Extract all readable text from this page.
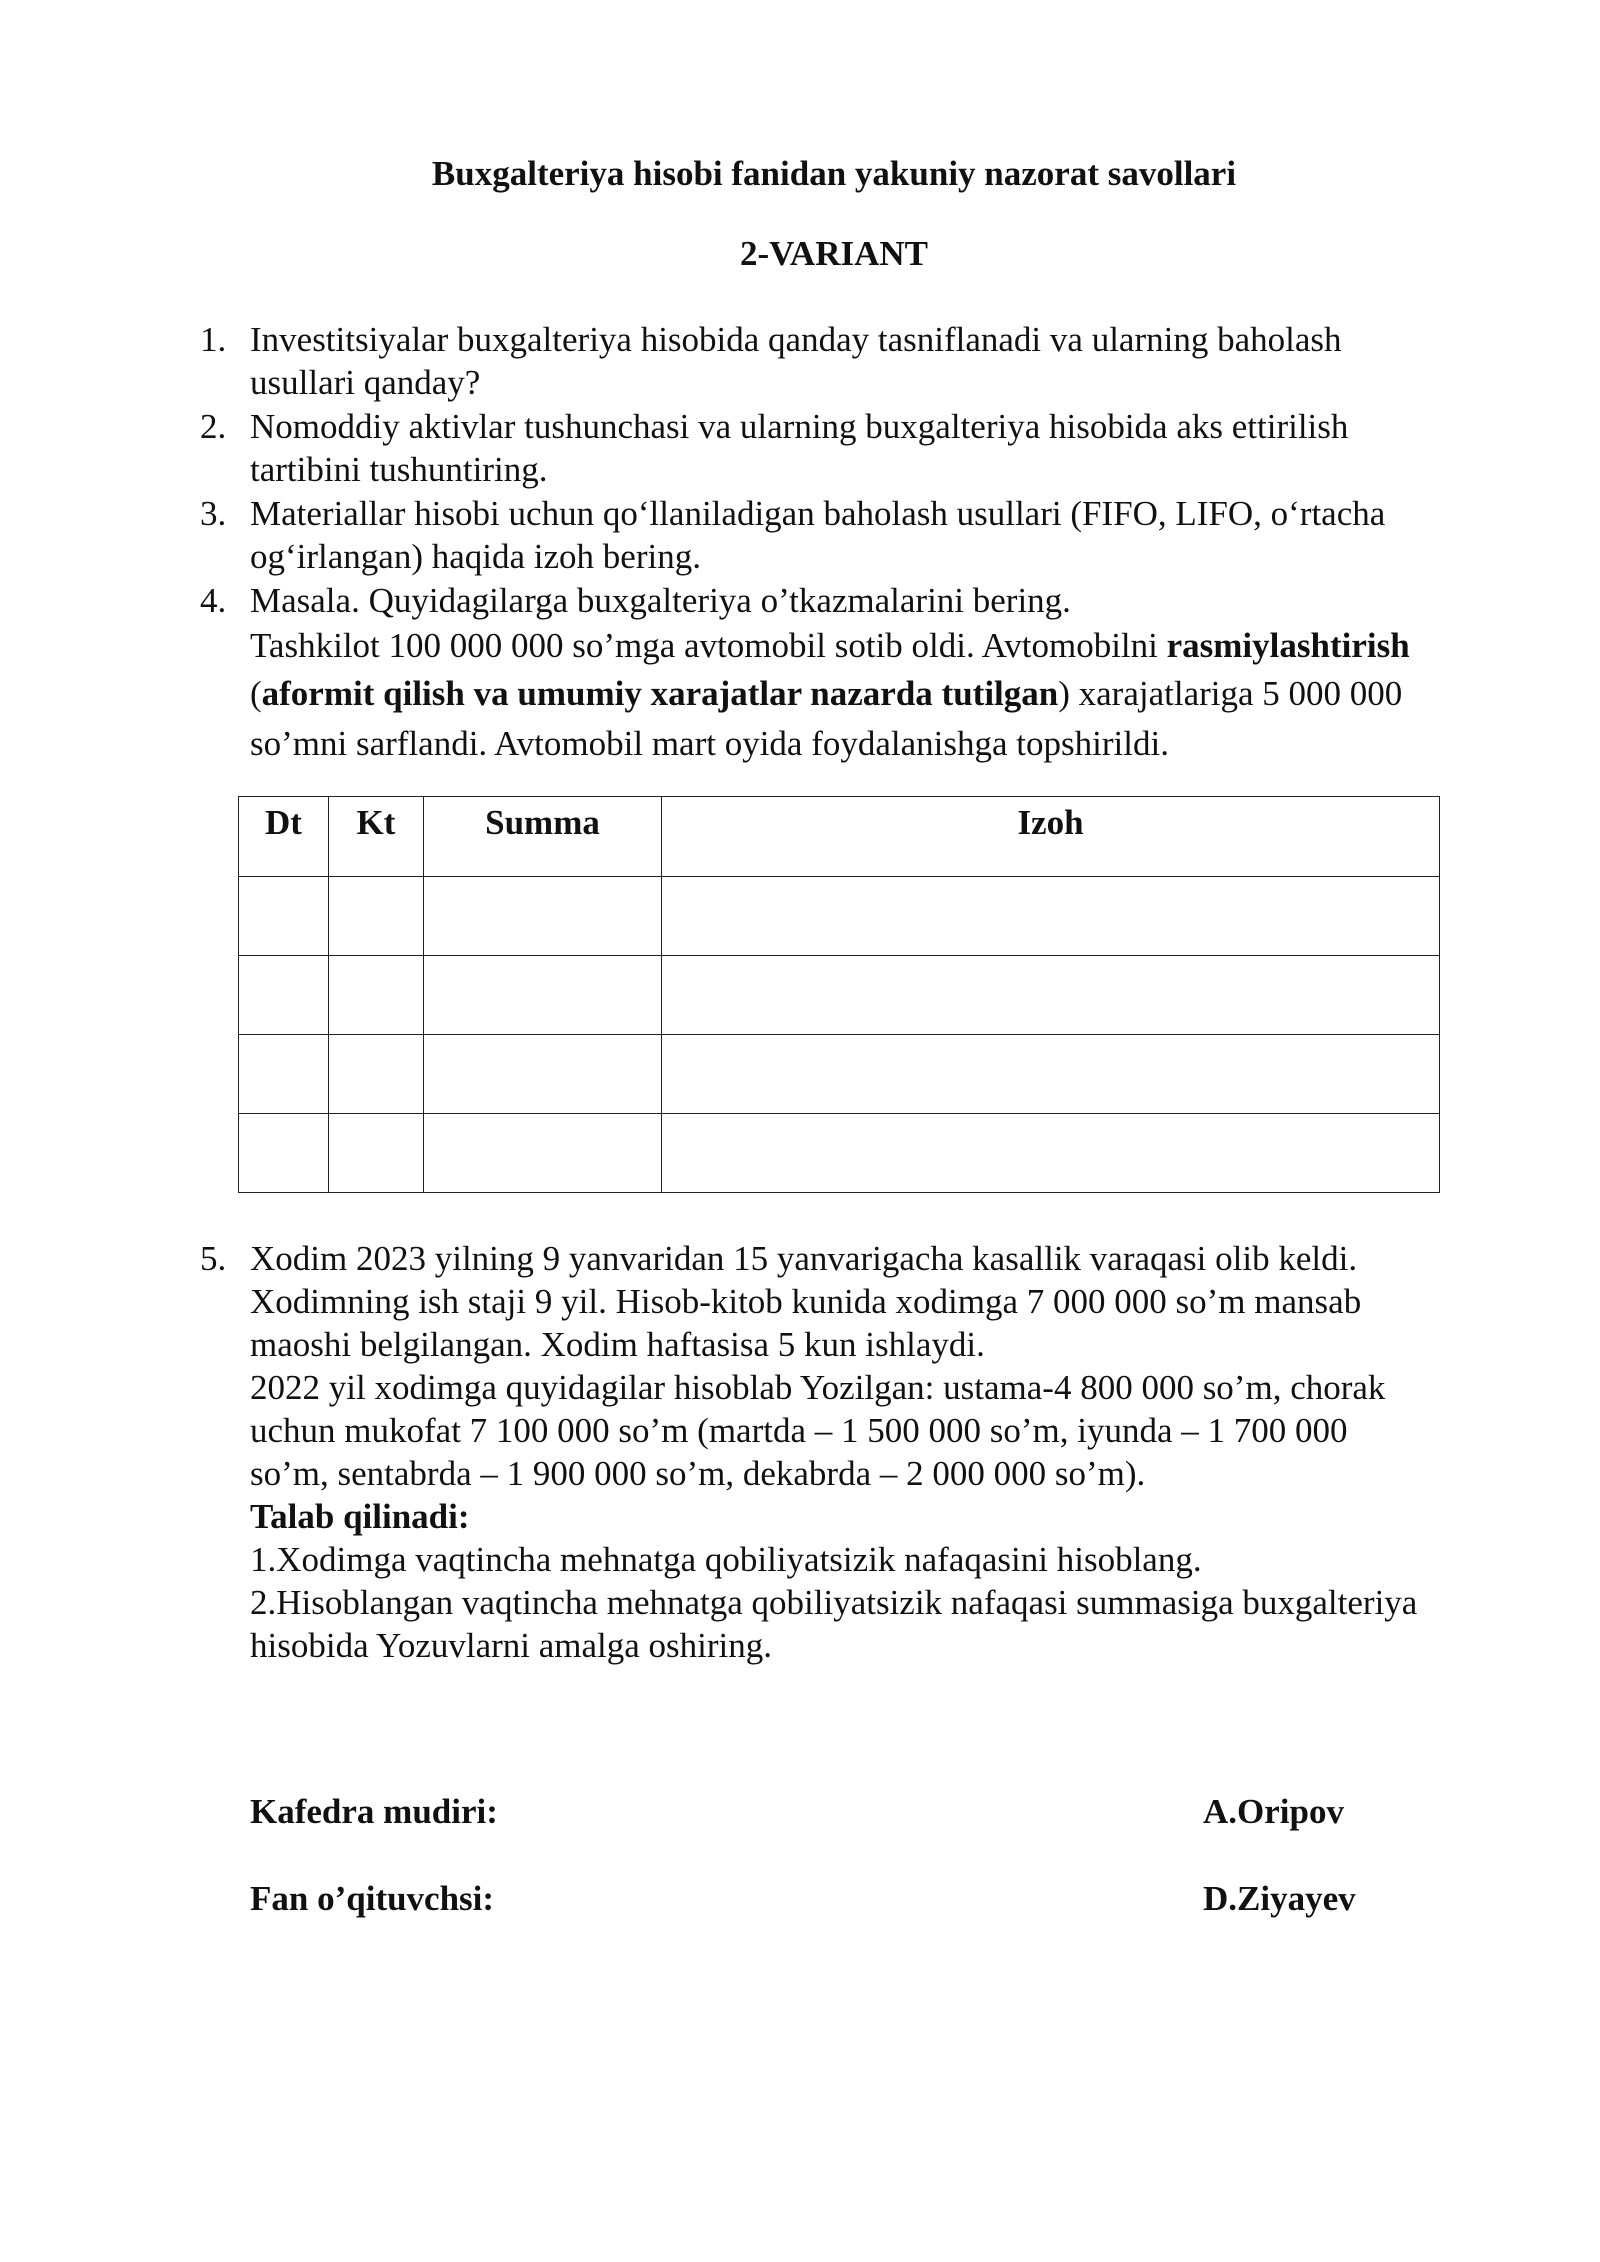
Buxgalteriya hisobi fanidan yakuniy nazorat savollari
2-VARIANT
1. Investitsiyalar buxgalteriya hisobida qanday tasniflanadi va ularning baholash
usullari qanday?
2. Nomoddiy aktivlar tushunchasi va ularning buxgalteriya hisobida aks ettirilish
tartibini tushuntiring.
3. Materiallar hisobi uchun qo‘llaniladigan baholash usullari (FIFO, LIFO, o‘rtacha
og‘irlangan) haqida izoh bering.
4. Masala. Quyidagilarga buxgalteriya o’tkazmalarini bering.
Tashkilot 100 000 000 so’mga avtomobil sotib oldi. Avtomobilni rasmiylashtirish
(aformit qilish va umumiy xarajatlar nazarda tutilgan) xarajatlariga 5 000 000
so’mni sarflandi. Avtomobil mart oyida foydalanishga topshirildi.
Dt	Kt	Summa	Izoh

5. Xodim 2023 yilning 9 yanvaridan 15 yanvarigacha kasallik varaqasi olib keldi.
Xodimning ish staji 9 yil. Hisob-kitob kunida xodimga 7 000 000 so’m mansab
maoshi belgilangan. Xodim haftasisa 5 kun ishlaydi.
2022 yil xodimga quyidagilar hisoblab Yozilgan: ustama-4 800 000 so’m, chorak
uchun mukofat 7 100 000 so’m (martda – 1 500 000 so’m, iyunda – 1 700 000
so’m, sentabrda – 1 900 000 so’m, dekabrda – 2 000 000 so’m).
Talab qilinadi:
1.Xodimga vaqtincha mehnatga qobiliyatsizik nafaqasini hisoblang.
2.Hisoblangan vaqtincha mehnatga qobiliyatsizik nafaqasi summasiga buxgalteriya
hisobida Yozuvlarni amalga oshiring.
Kafedra mudiri:	A.Oripov
Fan o’qituvchsi:	D.Ziyayev
